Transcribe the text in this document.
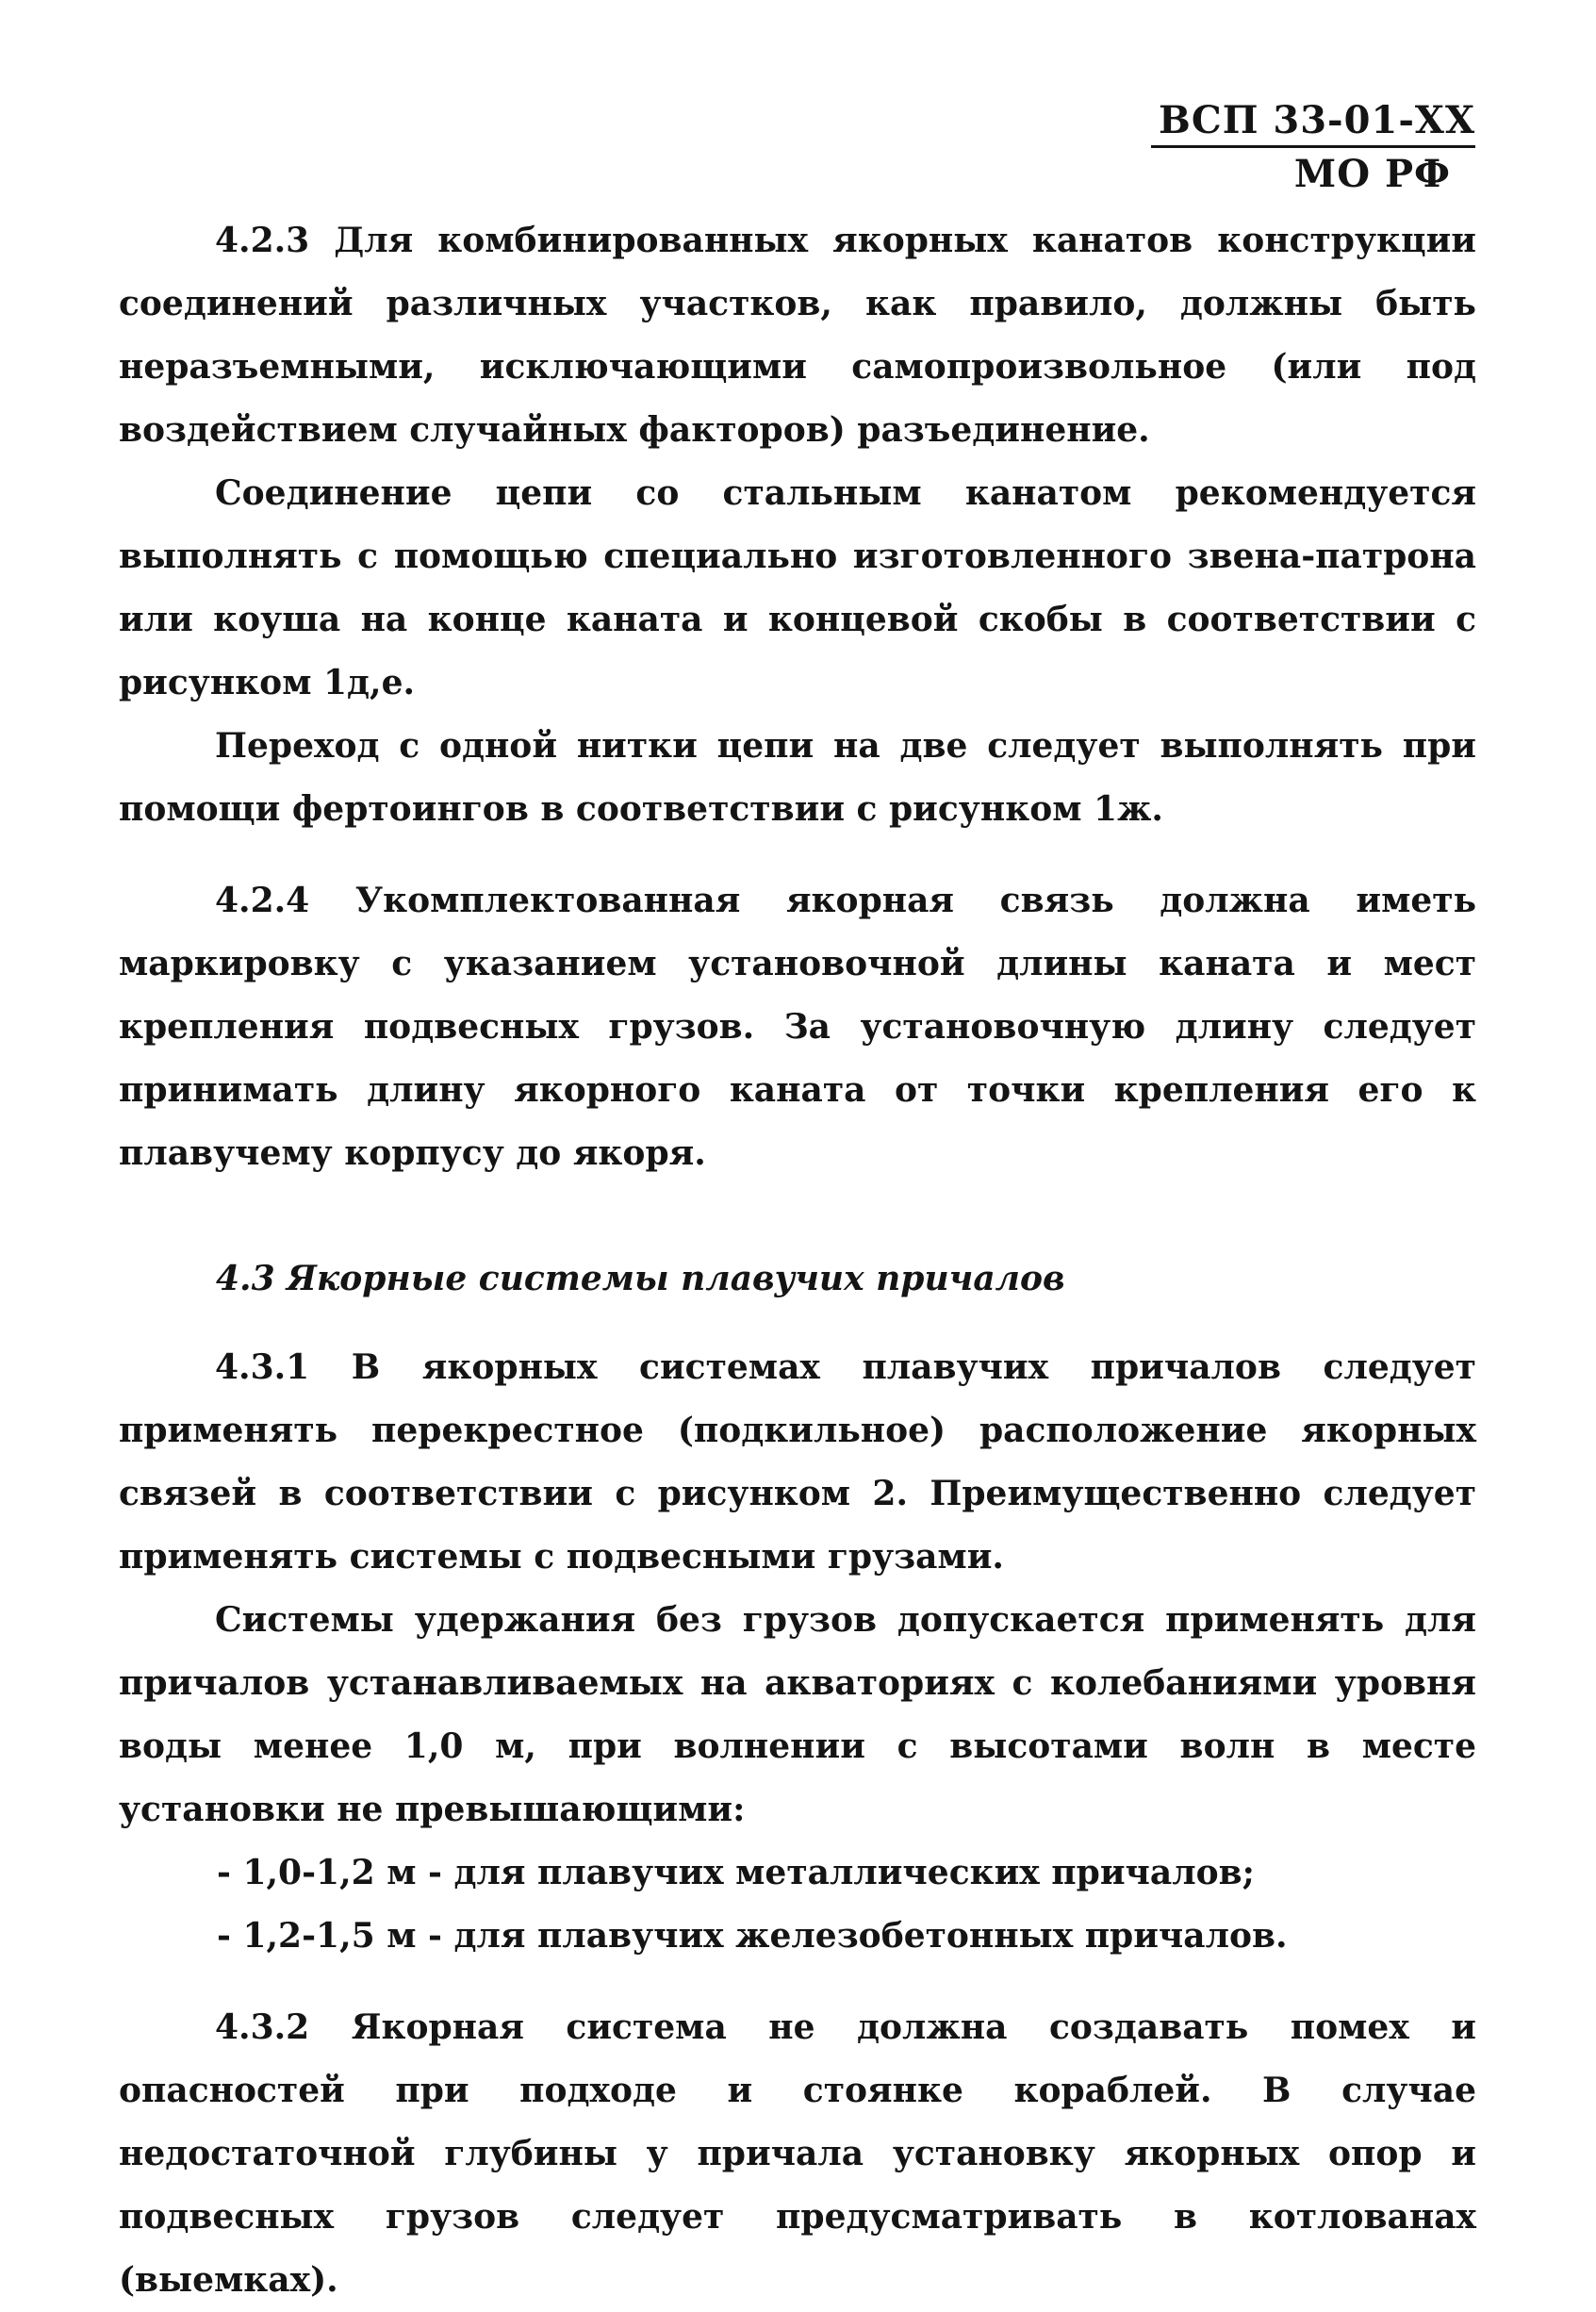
ВСП 33-01-ХХ
МО РФ

4.2.3 Для комбинированных якорных канатов конструкции соединений различных участков, как правило, должны быть неразъемными, исключающими самопроизвольное (или под воздействием случайных факторов) разъединение.

Соединение цепи со стальным канатом рекомендуется выполнять с помощью специально изготовленного звена-патрона или коуша на конце каната и концевой скобы в соответствии с рисунком 1д,е.

Переход с одной нитки цепи на две следует выполнять при помощи фертоингов в соответствии с рисунком 1ж.

4.2.4 Укомплектованная якорная связь должна иметь маркировку с указанием установочной длины каната и мест крепления подвесных грузов. За установочную длину следует принимать длину якорного каната от точки крепления его к плавучему корпусу до якоря.

4.3 Якорные системы плавучих причалов

4.3.1 В якорных системах плавучих причалов следует применять перекрестное (подкильное) расположение якорных связей в соответствии с рисунком 2. Преимущественно следует применять системы с подвесными грузами.

Системы удержания без грузов допускается применять для причалов устанавливаемых на акваториях с колебаниями уровня воды менее 1,0 м, при волнении с высотами волн в месте установки не превышающими:

- 1,0-1,2 м - для плавучих металлических причалов;

- 1,2-1,5 м - для плавучих железобетонных причалов.

4.3.2 Якорная система не должна создавать помех и опасностей при подходе и стоянке кораблей. В случае недостаточной глубины у причала установку якорных опор и подвесных грузов следует предусматривать в котлованах (выемках).
